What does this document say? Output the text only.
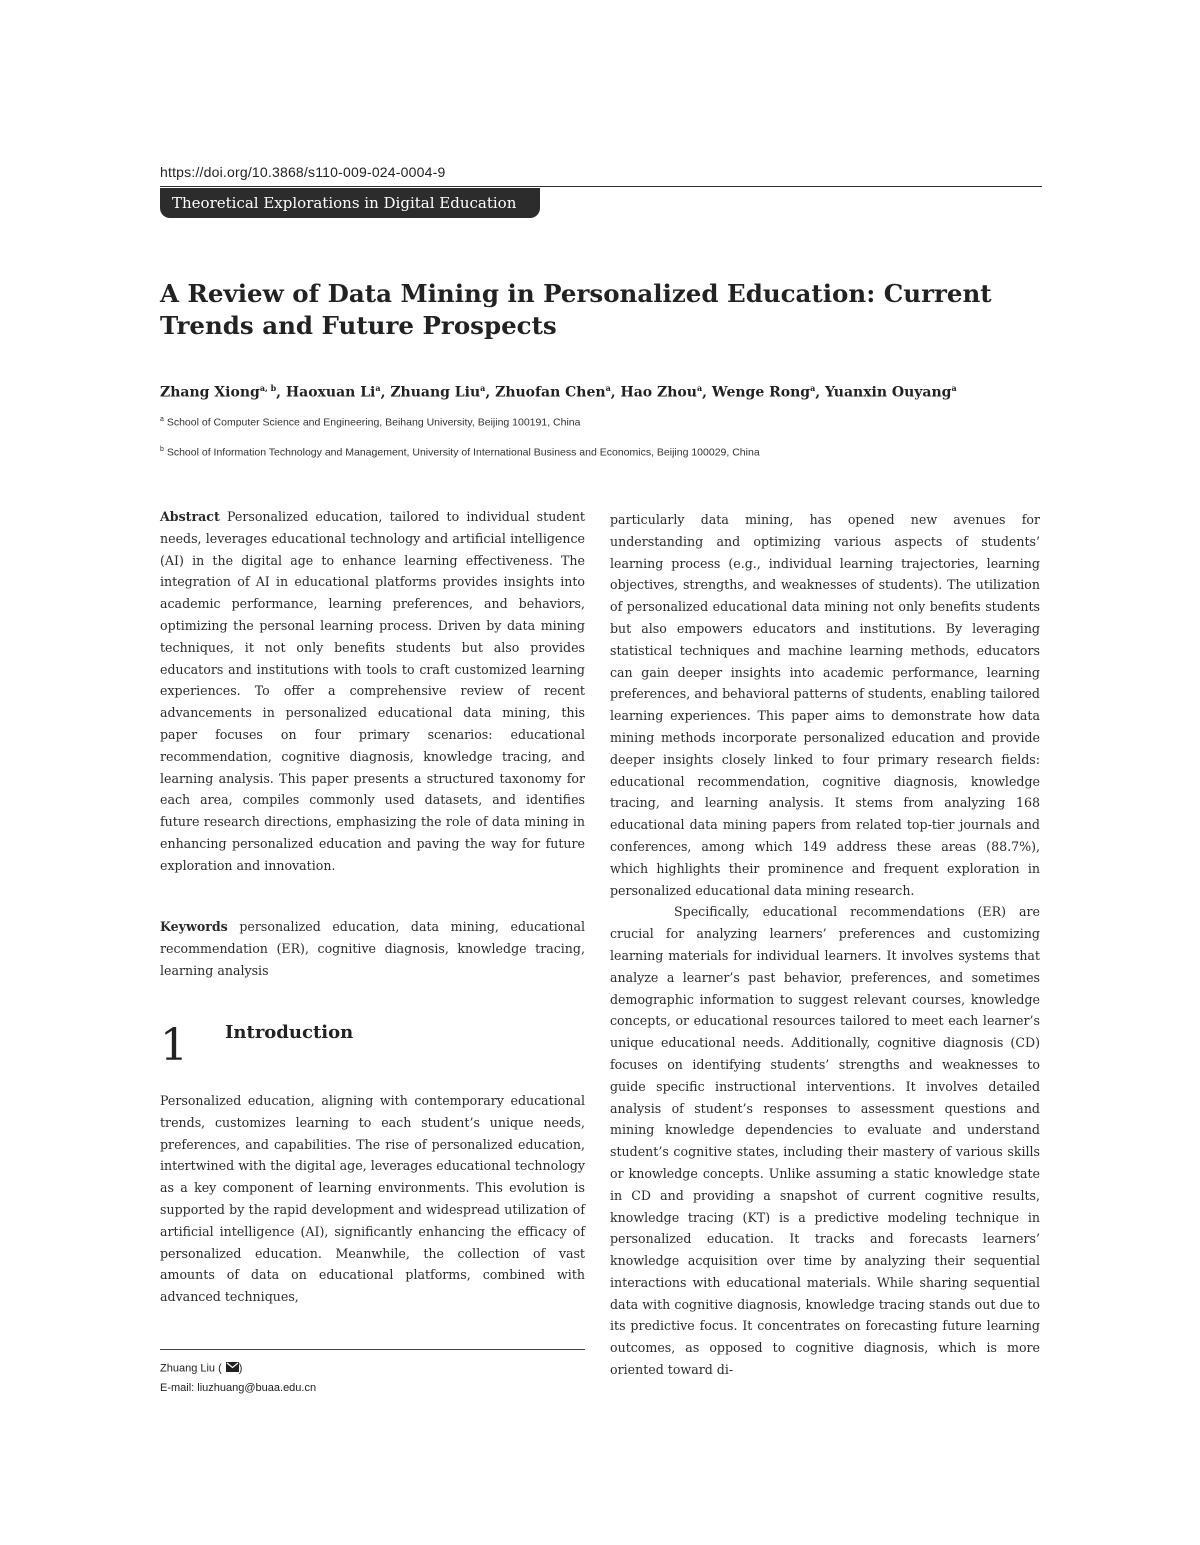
https://doi.org/10.3868/s110-009-024-0004-9
Theoretical Explorations in Digital Education
A Review of Data Mining in Personalized Education: Current Trends and Future Prospects
Zhang Xiong$^{a, b}$, Haoxuan Li$^a$, Zhuang Liu$^a$, Zhuofan Chen$^a$, Hao Zhou$^a$, Wenge Rong$^a$, Yuanxin Ouyang$^a$
$^a$ School of Computer Science and Engineering, Beihang University, Beijing 100191, China
$^b$ School of Information Technology and Management, University of International Business and Economics, Beijing 100029, China

Abstract Personalized education, tailored to individual student needs, leverages educational technology and artificial intelligence (AI) in the digital age to enhance learning effectiveness. The integration of AI in educational platforms provides insights into academic performance, learning preferences, and behaviors, optimizing the personal learning process. Driven by data mining techniques, it not only benefits students but also provides educators and institutions with tools to craft customized learning experiences. To offer a comprehensive review of recent advancements in personalized educational data mining, this paper focuses on four primary scenarios: educational recommendation, cognitive diagnosis, knowledge tracing, and learning analysis. This paper presents a structured taxonomy for each area, compiles commonly used datasets, and identifies future research directions, emphasizing the role of data mining in enhancing personalized education and paving the way for future exploration and innovation.

Keywords personalized education, data mining, educational recommendation (ER), cognitive diagnosis, knowledge tracing, learning analysis

1 Introduction

Personalized education, aligning with contemporary educational trends, customizes learning to each student’s unique needs, preferences, and capabilities. The rise of personalized education, intertwined with the digital age, leverages educational technology as a key component of learning environments. This evolution is supported by the rapid development and widespread utilization of artificial intelligence (AI), significantly enhancing the efficacy of personalized education. Meanwhile, the collection of vast amounts of data on educational platforms, combined with advanced techniques,

particularly data mining, has opened new avenues for understanding and optimizing various aspects of students’ learning process (e.g., individual learning trajectories, learning objectives, strengths, and weaknesses of students). The utilization of personalized educational data mining not only benefits students but also empowers educators and institutions. By leveraging statistical techniques and machine learning methods, educators can gain deeper insights into academic performance, learning preferences, and behavioral patterns of students, enabling tailored learning experiences. This paper aims to demonstrate how data mining methods incorporate personalized education and provide deeper insights closely linked to four primary research fields: educational recommendation, cognitive diagnosis, knowledge tracing, and learning analysis. It stems from analyzing 168 educational data mining papers from related top-tier journals and conferences, among which 149 address these areas (88.7%), which highlights their prominence and frequent exploration in personalized educational data mining research.

Specifically, educational recommendations (ER) are crucial for analyzing learners’ preferences and customizing learning materials for individual learners. It involves systems that analyze a learner’s past behavior, preferences, and sometimes demographic information to suggest relevant courses, knowledge concepts, or educational resources tailored to meet each learner’s unique educational needs. Additionally, cognitive diagnosis (CD) focuses on identifying students’ strengths and weaknesses to guide specific instructional interventions. It involves detailed analysis of student’s responses to assessment questions and mining knowledge dependencies to evaluate and understand student’s cognitive states, including their mastery of various skills or knowledge concepts. Unlike assuming a static knowledge state in CD and providing a snapshot of current cognitive results, knowledge tracing (KT) is a predictive modeling technique in personalized education. It tracks and forecasts learners’ knowledge acquisition over time by analyzing their sequential interactions with educational materials. While sharing sequential data with cognitive diagnosis, knowledge tracing stands out due to its predictive focus. It concentrates on forecasting future learning outcomes, as opposed to cognitive diagnosis, which is more oriented toward di-

Zhuang Liu ( )
E-mail: liuzhuang@buaa.edu.cn
